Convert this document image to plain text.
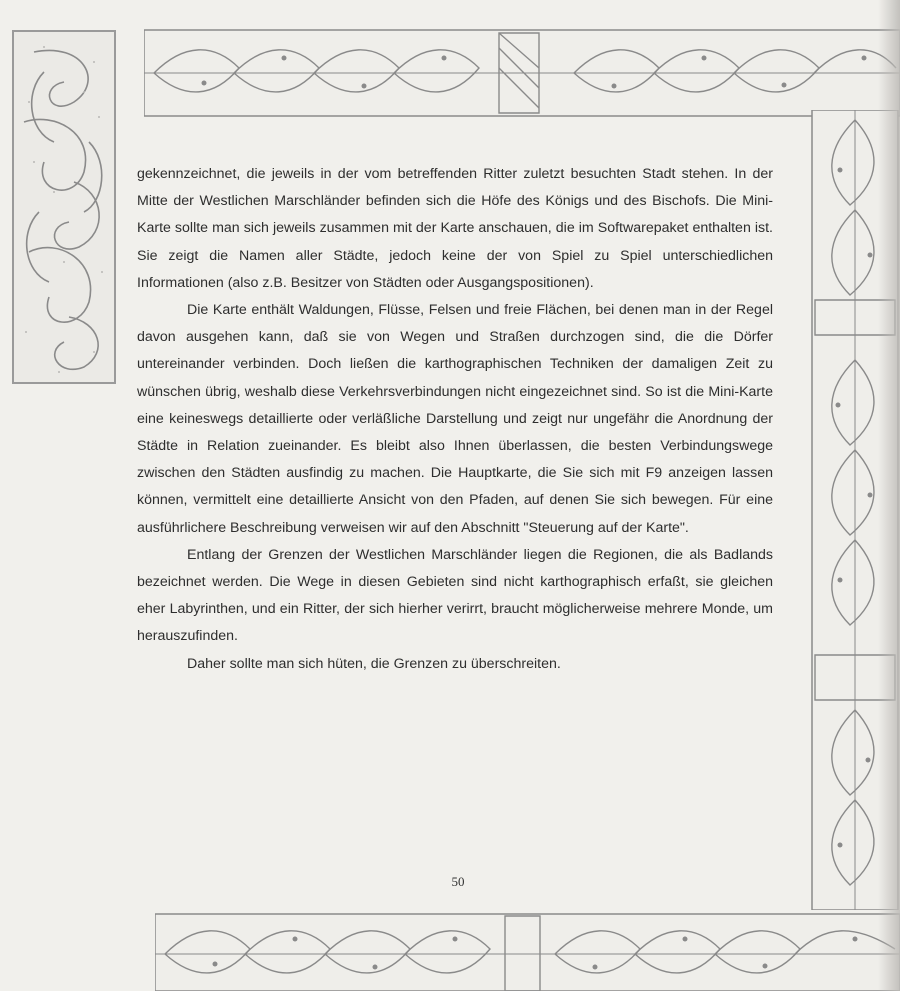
gekennzeichnet, die jeweils in der vom betreffenden Ritter zuletzt besuchten Stadt stehen. In der Mitte der Westlichen Marschländer befinden sich die Höfe des Königs und des Bischofs. Die Mini-Karte sollte man sich jeweils zusammen mit der Karte anschauen, die im Softwarepaket enthalten ist. Sie zeigt die Namen aller Städte, jedoch keine der von Spiel zu Spiel unterschiedlichen Informationen (also z.B. Besitzer von Städten oder Ausgangspositionen).

Die Karte enthält Waldungen, Flüsse, Felsen und freie Flächen, bei denen man in der Regel davon ausgehen kann, daß sie von Wegen und Straßen durchzogen sind, die die Dörfer untereinander verbinden. Doch ließen die karthographischen Techniken der damaligen Zeit zu wünschen übrig, weshalb diese Verkehrsverbindungen nicht eingezeichnet sind. So ist die Mini-Karte eine keineswegs detaillierte oder verläßliche Darstellung und zeigt nur ungefähr die Anordnung der Städte in Relation zueinander. Es bleibt also Ihnen überlassen, die besten Verbindungswege zwischen den Städten ausfindig zu machen. Die Hauptkarte, die Sie sich mit F9 anzeigen lassen können, vermittelt eine detaillierte Ansicht von den Pfaden, auf denen Sie sich bewegen. Für eine ausführlichere Beschreibung verweisen wir auf den Abschnitt "Steuerung auf der Karte".

Entlang der Grenzen der Westlichen Marschländer liegen die Regionen, die als Badlands bezeichnet werden. Die Wege in diesen Gebieten sind nicht karthographisch erfaßt, sie gleichen eher Labyrinthen, und ein Ritter, der sich hierher verirrt, braucht möglicherweise mehrere Monde, um herauszufinden.

Daher sollte man sich hüten, die Grenzen zu überschreiten.

50
